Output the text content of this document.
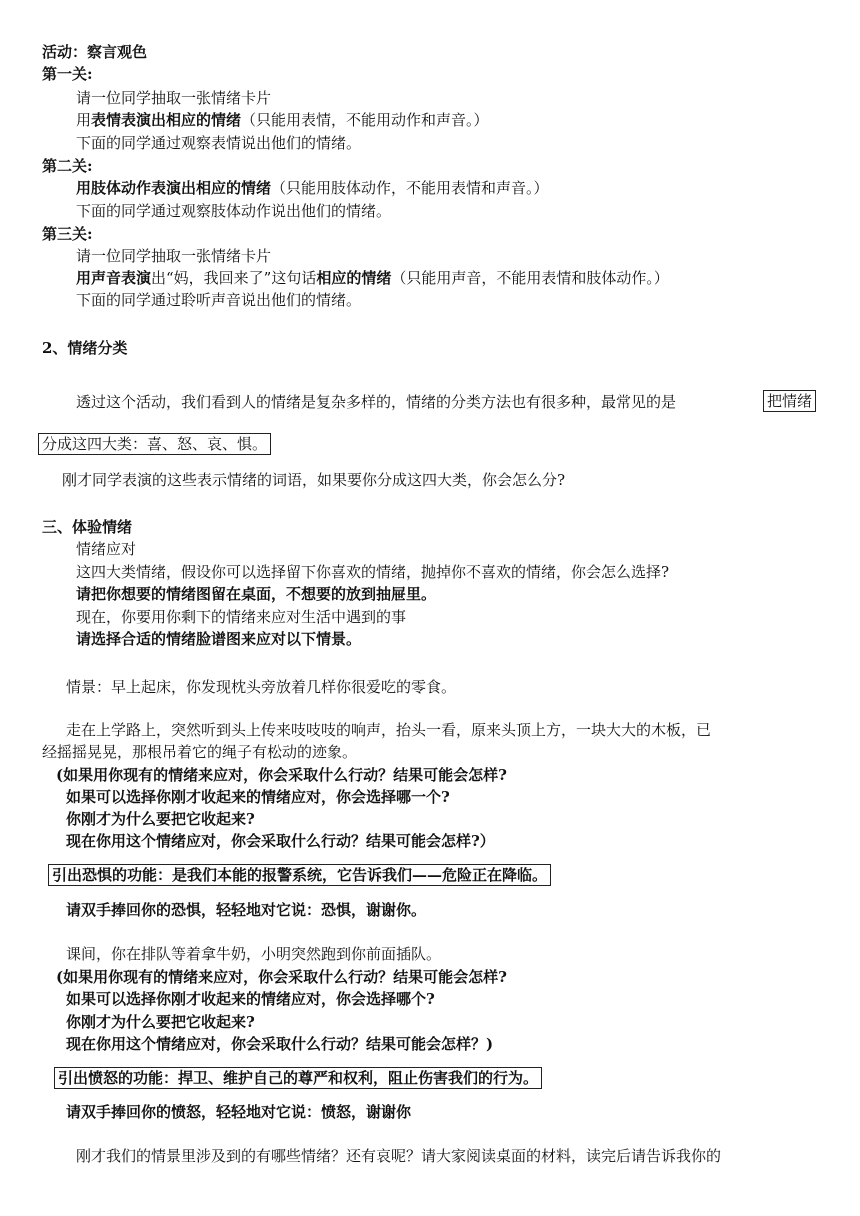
活动：察言观色
第一关:
请一位同学抽取一张情绪卡片
用表情表演出相应的情绪（只能用表情，不能用动作和声音。）
下面的同学通过观察表情说出他们的情绪。
第二关:
用肢体动作表演出相应的情绪（只能用肢体动作，不能用表情和声音。）
下面的同学通过观察肢体动作说出他们的情绪。
第三关:
请一位同学抽取一张情绪卡片
用声音表演出“妈，我回来了”这句话相应的情绪（只能用声音，不能用表情和肢体动作。）
下面的同学通过聆听声音说出他们的情绪。
2、情绪分类
透过这个活动，我们看到人的情绪是复杂多样的，情绪的分类方法也有很多种，最常见的是	把情绪
分成这四大类：喜、怒、哀、惧。
刚才同学表演的这些表示情绪的词语，如果要你分成这四大类，你会怎么分?
三、体验情绪
情绪应对
这四大类情绪，假设你可以选择留下你喜欢的情绪，抛掉你不喜欢的情绪，你会怎么选择?
请把你想要的情绪图留在桌面，不想要的放到抽屉里。
现在，你要用你剩下的情绪来应对生活中遇到的事
请选择合适的情绪脸谱图来应对以下情景。
情景：早上起床，你发现枕头旁放着几样你很爱吃的零食。
走在上学路上，突然听到头上传来吱吱吱的响声，抬头一看，原来头顶上方，一块大大的木板，已
经摇摇晃晃，那根吊着它的绳子有松动的迹象。
(如果用你现有的情绪来应对，你会采取什么行动？结果可能会怎样?
如果可以选择你刚才收起来的情绪应对，你会选择哪一个?
你刚才为什么要把它收起来?
现在你用这个情绪应对，你会采取什么行动？结果可能会怎样?）
引出恐惧的功能：是我们本能的报警系统，它告诉我们——危险正在降临。
请双手捧回你的恐惧，轻轻地对它说：恐惧，谢谢你。
课间，你在排队等着拿牛奶，小明突然跑到你前面插队。
(如果用你现有的情绪来应对，你会采取什么行动？结果可能会怎样?
如果可以选择你刚才收起来的情绪应对，你会选择哪个?
你刚才为什么要把它收起来?
现在你用这个情绪应对，你会采取什么行动？结果可能会怎样？)
引出愤怒的功能：捍卫、维护自己的尊严和权利，阻止伤害我们的行为。
请双手捧回你的愤怒，轻轻地对它说：愤怒，谢谢你
刚才我们的情景里涉及到的有哪些情绪？还有哀呢？请大家阅读桌面的材料，读完后请告诉我你的
